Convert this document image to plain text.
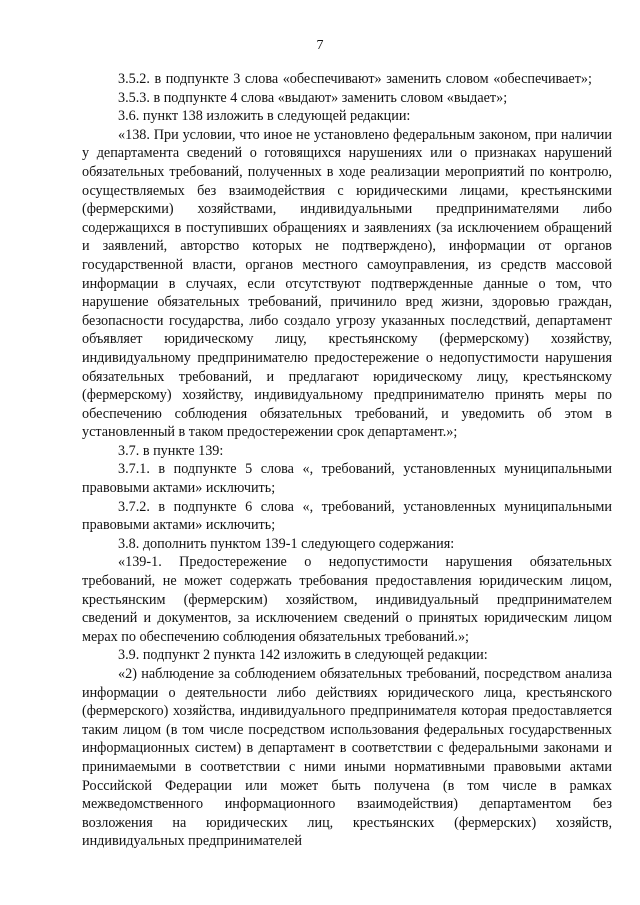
7

3.5.2. в подпункте 3 слова «обеспечивают» заменить словом «обеспечивает»;

3.5.3. в подпункте 4 слова «выдают» заменить словом «выдает»;

3.6. пункт 138 изложить в следующей редакции:

«138. При условии, что иное не установлено федеральным законом, при наличии у департамента сведений о готовящихся нарушениях или о признаках нарушений обязательных требований, полученных в ходе реализации мероприятий по контролю, осуществляемых без взаимодействия с юридическими лицами, крестьянскими (фермерскими) хозяйствами, индивидуальными предпринимателями либо содержащихся в поступивших обращениях и заявлениях (за исключением обращений и заявлений, авторство которых не подтверждено), информации от органов государственной власти, органов местного самоуправления, из средств массовой информации в случаях, если отсутствуют подтвержденные данные о том, что нарушение обязательных требований, причинило вред жизни, здоровью граждан, безопасности государства, либо создало угрозу указанных последствий, департамент объявляет юридическому лицу, крестьянскому (фермерскому) хозяйству, индивидуальному предпринимателю предостережение о недопустимости нарушения обязательных требований, и предлагают юридическому лицу, крестьянскому (фермерскому) хозяйству, индивидуальному предпринимателю принять меры по обеспечению соблюдения обязательных требований, и уведомить об этом в установленный в таком предостережении срок департамент.»;

3.7. в пункте 139:

3.7.1. в подпункте 5 слова «, требований, установленных муниципальными правовыми актами» исключить;

3.7.2. в подпункте 6 слова «, требований, установленных муниципальными правовыми актами» исключить;

3.8. дополнить пунктом 139-1 следующего содержания:

«139-1. Предостережение о недопустимости нарушения обязательных требований, не может содержать требования предоставления юридическим лицом, крестьянским (фермерским) хозяйством, индивидуальный предпринимателем сведений и документов, за исключением сведений о принятых юридическим лицом мерах по обеспечению соблюдения обязательных требований.»;

3.9. подпункт 2 пункта 142 изложить в следующей редакции:

«2) наблюдение за соблюдением обязательных требований, посредством анализа информации о деятельности либо действиях юридического лица, крестьянского (фермерского) хозяйства, индивидуального предпринимателя которая предоставляется таким лицом (в том числе посредством использования федеральных государственных информационных систем) в департамент в соответствии с федеральными законами и принимаемыми в соответствии с ними иными нормативными правовыми актами Российской Федерации или может быть получена (в том числе в рамках межведомственного информационного взаимодействия) департаментом без возложения на юридических лиц, крестьянских (фермерских) хозяйств, индивидуальных предпринимателей
